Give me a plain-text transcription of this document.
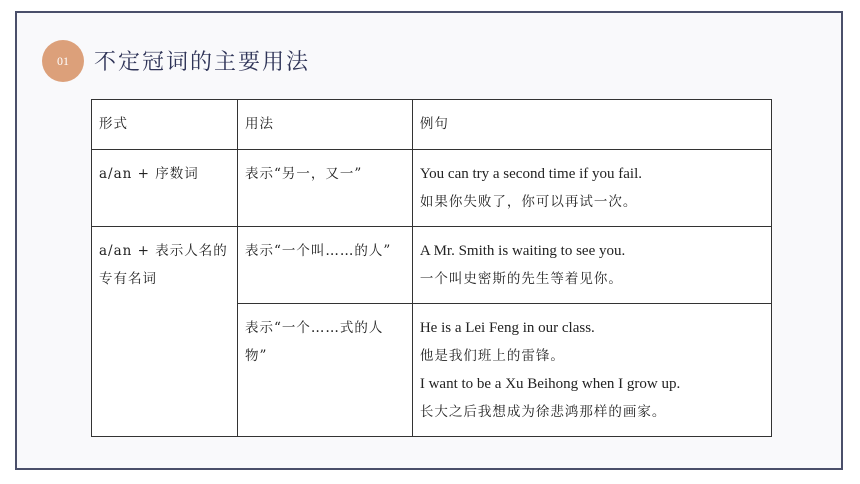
01 不定冠词的主要用法
形式	用法	例句

a/an + 序数词	表示“另一，又一”	You can try a second time if you fail.
如果你失败了，你可以再试一次。

a/an + 表示人名的
专有名词	表示“一个叫……的人”	A Mr. Smith is waiting to see you.
一个叫史密斯的先生等着见你。

	表示“一个……式的人
物”	He is a Lei Feng in our class.
他是我们班上的雷锋。
I want to be a Xu Beihong when I grow up.
长大之后我想成为徐悲鸿那样的画家。
